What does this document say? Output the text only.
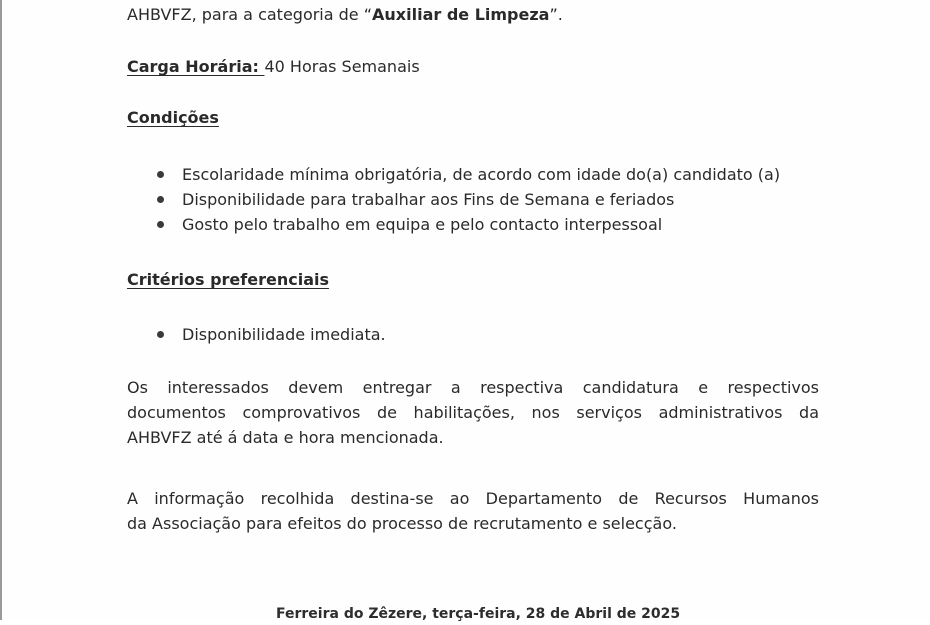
AHBVFZ, para a categoria de “Auxiliar de Limpeza”.
Carga Horária: 40 Horas Semanais
Condições
Escolaridade mínima obrigatória, de acordo com idade do(a) candidato (a)
Disponibilidade para trabalhar aos Fins de Semana e feriados
Gosto pelo trabalho em equipa e pelo contacto interpessoal
Critérios preferenciais
Disponibilidade imediata.
Os interessados devem entregar a respectiva candidatura e respectivos
documentos comprovativos de habilitações, nos serviços administrativos da
AHBVFZ até á data e hora mencionada.
A informação recolhida destina-se ao Departamento de Recursos Humanos
da Associação para efeitos do processo de recrutamento e selecção.
Ferreira do Zêzere, terça-feira, 28 de Abril de 2025
